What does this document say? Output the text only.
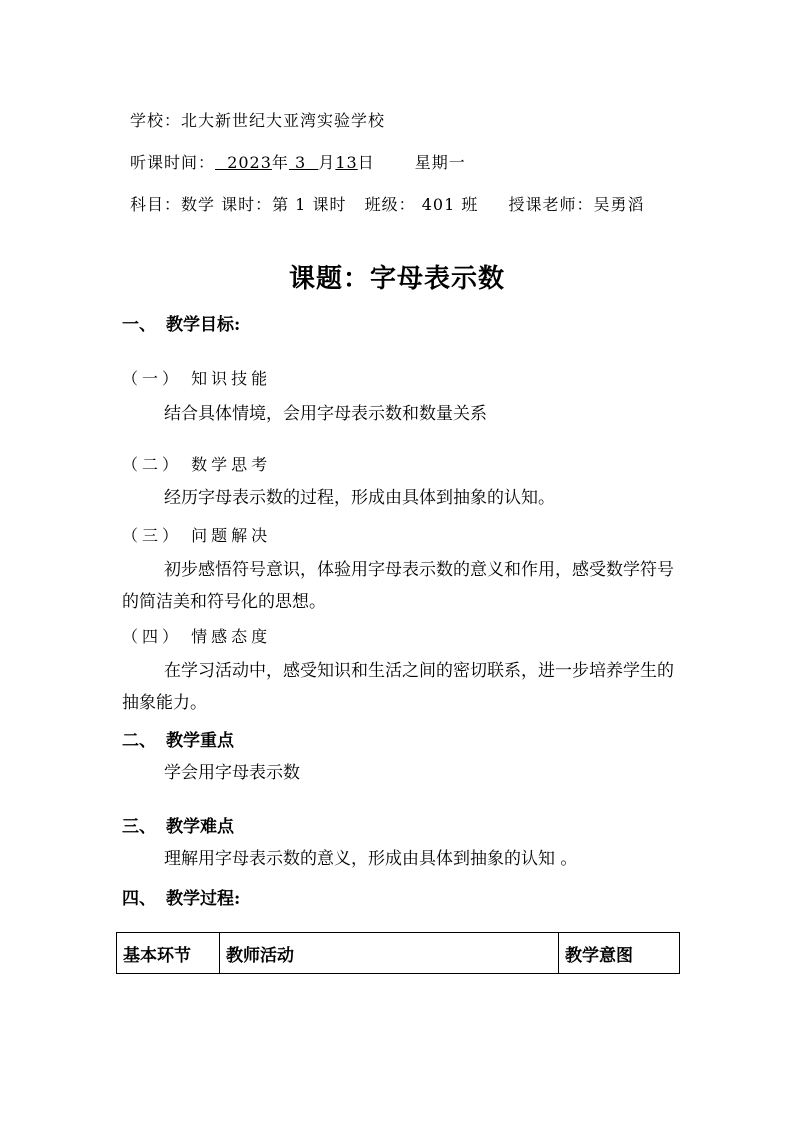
学校：北大新世纪大亚湾实验学校
听课时间：  2023年 3  月13日	星期一
科目：数学 课时：第 1 课时 班级： 401 班 授课老师：吴勇滔
课题：字母表示数
一、 教学目标:
（一） 知识技能
结合具体情境，会用字母表示数和数量关系
（二） 数学思考
经历字母表示数的过程，形成由具体到抽象的认知。
（三） 问题解决
初步感悟符号意识，体验用字母表示数的意义和作用，感受数学符号的简洁美和符号化的思想。
（四） 情感态度
在学习活动中，感受知识和生活之间的密切联系，进一步培养学生的抽象能力。
二、 教学重点
学会用字母表示数
三、 教学难点
理解用字母表示数的意义，形成由具体到抽象的认知 。
四、 教学过程:
基本环节	教师活动	教学意图
